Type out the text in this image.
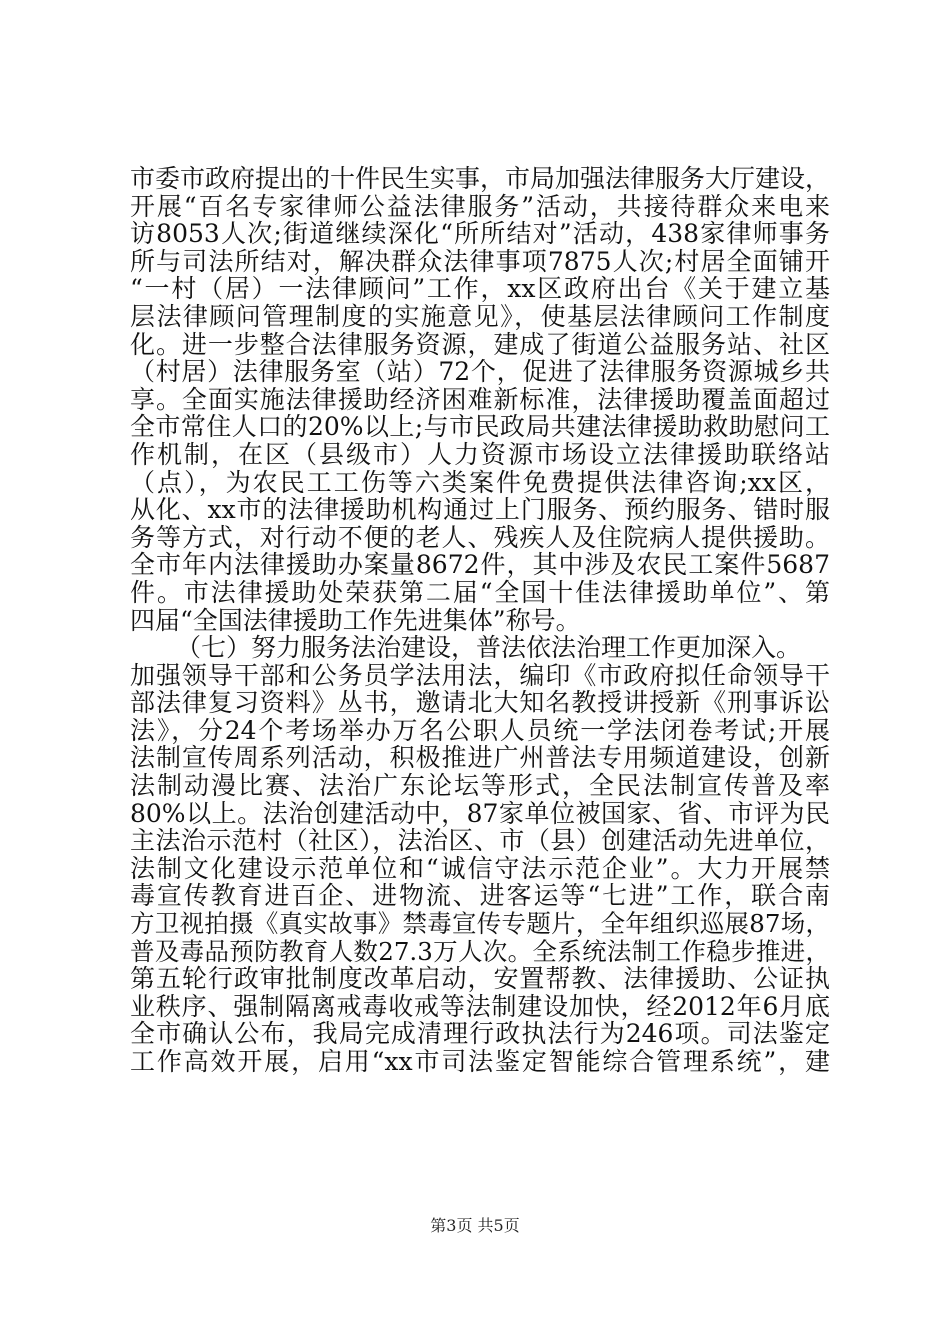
市委市政府提出的十件民生实事，市局加强法律服务大厅建设，
开展“百名专家律师公益法律服务”活动，共接待群众来电来
访8053人次;街道继续深化“所所结对”活动，438家律师事务
所与司法所结对，解决群众法律事项7875人次;村居全面铺开
“一村（居）一法律顾问”工作，xx区政府出台《关于建立基
层法律顾问管理制度的实施意见》，使基层法律顾问工作制度
化。进一步整合法律服务资源，建成了街道公益服务站、社区
（村居）法律服务室（站）72个，促进了法律服务资源城乡共
享。全面实施法律援助经济困难新标准，法律援助覆盖面超过
全市常住人口的20%以上;与市民政局共建法律援助救助慰问工
作机制，在区（县级市）人力资源市场设立法律援助联络站
（点），为农民工工伤等六类案件免费提供法律咨询;xx区，
从化、xx市的法律援助机构通过上门服务、预约服务、错时服
务等方式，对行动不便的老人、残疾人及住院病人提供援助。
全市年内法律援助办案量8672件，其中涉及农民工案件5687
件。市法律援助处荣获第二届“全国十佳法律援助单位”、第
四届“全国法律援助工作先进集体”称号。
（七）努力服务法治建设，普法依法治理工作更加深入。
加强领导干部和公务员学法用法，编印《市政府拟任命领导干
部法律复习资料》丛书，邀请北大知名教授讲授新《刑事诉讼
法》，分24个考场举办万名公职人员统一学法闭卷考试;开展
法制宣传周系列活动，积极推进广州普法专用频道建设，创新
法制动漫比赛、法治广东论坛等形式，全民法制宣传普及率
80%以上。法治创建活动中，87家单位被国家、省、市评为民
主法治示范村（社区），法治区、市（县）创建活动先进单位，
法制文化建设示范单位和“诚信守法示范企业”。大力开展禁
毒宣传教育进百企、进物流、进客运等“七进”工作，联合南
方卫视拍摄《真实故事》禁毒宣传专题片，全年组织巡展87场，
普及毒品预防教育人数27.3万人次。全系统法制工作稳步推进，
第五轮行政审批制度改革启动，安置帮教、法律援助、公证执
业秩序、强制隔离戒毒收戒等法制建设加快，经2012年6月底
全市确认公布，我局完成清理行政执法行为246项。司法鉴定
工作高效开展，启用“xx市司法鉴定智能综合管理系统”，建
第3页 共5页
